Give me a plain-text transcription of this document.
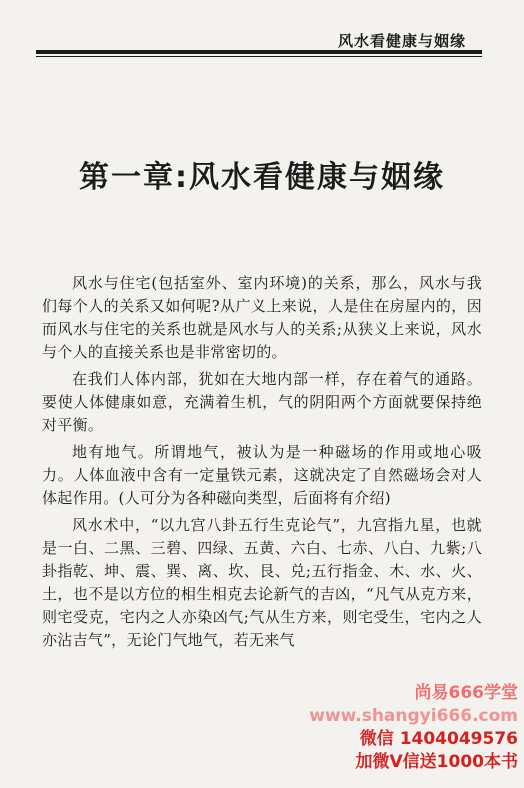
风水看健康与姻缘
第一章:风水看健康与姻缘

风水与住宅(包括室外、室内环境)的关系，那么，风水与我们每个人的关系又如何呢?从广义上来说，人是住在房屋内的，因而风水与住宅的关系也就是风水与人的关系;从狭义上来说，风水与个人的直接关系也是非常密切的。

在我们人体内部，犹如在大地内部一样，存在着气的通路。要使人体健康如意，充满着生机，气的阴阳两个方面就要保持绝对平衡。

地有地气。所谓地气，被认为是一种磁场的作用或地心吸力。人体血液中含有一定量铁元素，这就决定了自然磁场会对人体起作用。(人可分为各种磁向类型，后面将有介绍)

风水术中，“以九宫八卦五行生克论气”，九宫指九星，也就是一白、二黑、三碧、四绿、五黄、六白、七赤、八白、九紫;八卦指乾、坤、震、巽、离、坎、艮、兑;五行指金、木、水、火、土，也不是以方位的相生相克去论新气的吉凶，“凡气从克方来，则宅受克，宅内之人亦染凶气;气从生方来，则宅受生，宅内之人亦沾吉气”，无论门气地气，若无来气

尚易666学堂
www.shangyi666.com
微信 1404049576
加微V信送1000本书
